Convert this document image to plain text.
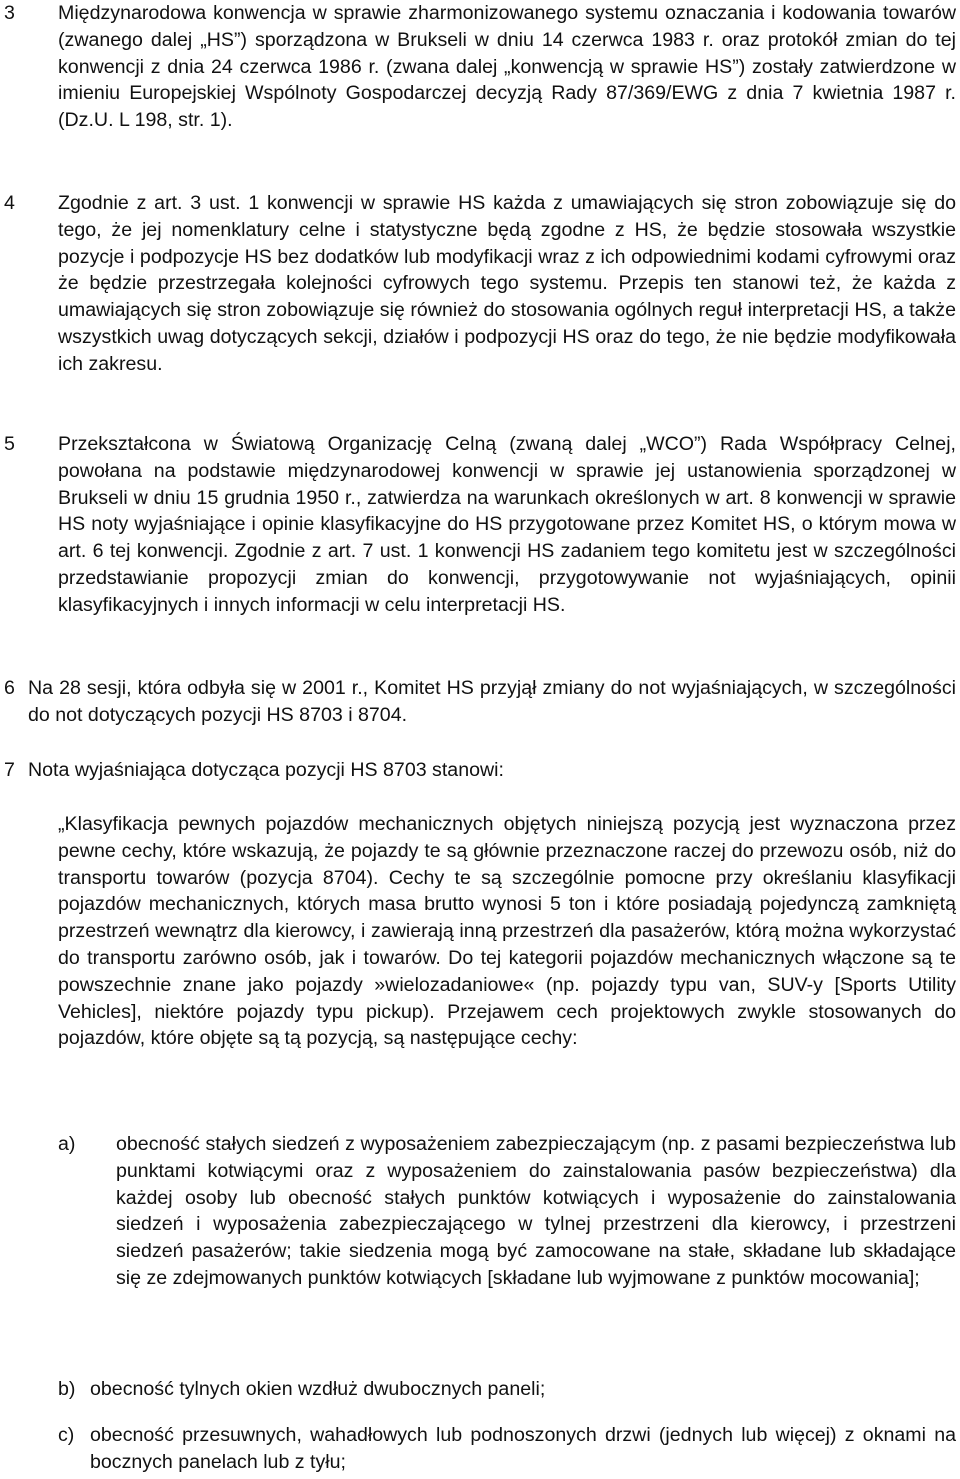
3 Międzynarodowa konwencja w sprawie zharmonizowanego systemu oznaczania i kodowania towarów (zwanego dalej „HS”) sporządzona w Brukseli w dniu 14 czerwca 1983 r. oraz protokół zmian do tej konwencji z dnia 24 czerwca 1986 r. (zwana dalej „konwencją w sprawie HS”) zostały zatwierdzone w imieniu Europejskiej Wspólnoty Gospodarczej decyzją Rady 87/369/EWG z dnia 7 kwietnia 1987 r. (Dz.U. L 198, str. 1).
4 Zgodnie z art. 3 ust. 1 konwencji w sprawie HS każda z umawiających się stron zobowiązuje się do tego, że jej nomenklatury celne i statystyczne będą zgodne z HS, że będzie stosowała wszystkie pozycje i podpozycje HS bez dodatków lub modyfikacji wraz z ich odpowiednimi kodami cyfrowymi oraz że będzie przestrzegała kolejności cyfrowych tego systemu. Przepis ten stanowi też, że każda z umawiających się stron zobowiązuje się również do stosowania ogólnych reguł interpretacji HS, a także wszystkich uwag dotyczących sekcji, działów i podpozycji HS oraz do tego, że nie będzie modyfikowała ich zakresu.
5 Przekształcona w Światową Organizację Celną (zwaną dalej „WCO”) Rada Współpracy Celnej, powołana na podstawie międzynarodowej konwencji w sprawie jej ustanowienia sporządzonej w Brukseli w dniu 15 grudnia 1950 r., zatwierdza na warunkach określonych w art. 8 konwencji w sprawie HS noty wyjaśniające i opinie klasyfikacyjne do HS przygotowane przez Komitet HS, o którym mowa w art. 6 tej konwencji. Zgodnie z art. 7 ust. 1 konwencji HS zadaniem tego komitetu jest w szczególności przedstawianie propozycji zmian do konwencji, przygotowywanie not wyjaśniających, opinii klasyfikacyjnych i innych informacji w celu interpretacji HS.
6 Na 28 sesji, która odbyła się w 2001 r., Komitet HS przyjął zmiany do not wyjaśniających, w szczególności do not dotyczących pozycji HS 8703 i 8704.
7 Nota wyjaśniająca dotycząca pozycji HS 8703 stanowi:
„Klasyfikacja pewnych pojazdów mechanicznych objętych niniejszą pozycją jest wyznaczona przez pewne cechy, które wskazują, że pojazdy te są głównie przeznaczone raczej do przewozu osób, niż do transportu towarów (pozycja 8704). Cechy te są szczególnie pomocne przy określaniu klasyfikacji pojazdów mechanicznych, których masa brutto wynosi 5 ton i które posiadają pojedynczą zamkniętą przestrzeń wewnątrz dla kierowcy, i zawierają inną przestrzeń dla pasażerów, którą można wykorzystać do transportu zarówno osób, jak i towarów. Do tej kategorii pojazdów mechanicznych włączone są te powszechnie znane jako pojazdy »wielozadaniowe« (np. pojazdy typu van, SUV-y [Sports Utility Vehicles], niektóre pojazdy typu pickup). Przejawem cech projektowych zwykle stosowanych do pojazdów, które objęte są tą pozycją, są następujące cechy:
a) obecność stałych siedzeń z wyposażeniem zabezpieczającym (np. z pasami bezpieczeństwa lub punktami kotwiącymi oraz z wyposażeniem do zainstalowania pasów bezpieczeństwa) dla każdej osoby lub obecność stałych punktów kotwiących i wyposażenie do zainstalowania siedzeń i wyposażenia zabezpieczającego w tylnej przestrzeni dla kierowcy, i przestrzeni siedzeń pasażerów; takie siedzenia mogą być zamocowane na stałe, składane lub składające się ze zdejmowanych punktów kotwiących [składane lub wyjmowane z punktów mocowania];
b) obecność tylnych okien wzdłuż dwubocznych paneli;
c) obecność przesuwnych, wahadłowych lub podnoszonych drzwi (jednych lub więcej) z oknami na bocznych panelach lub z tyłu;
